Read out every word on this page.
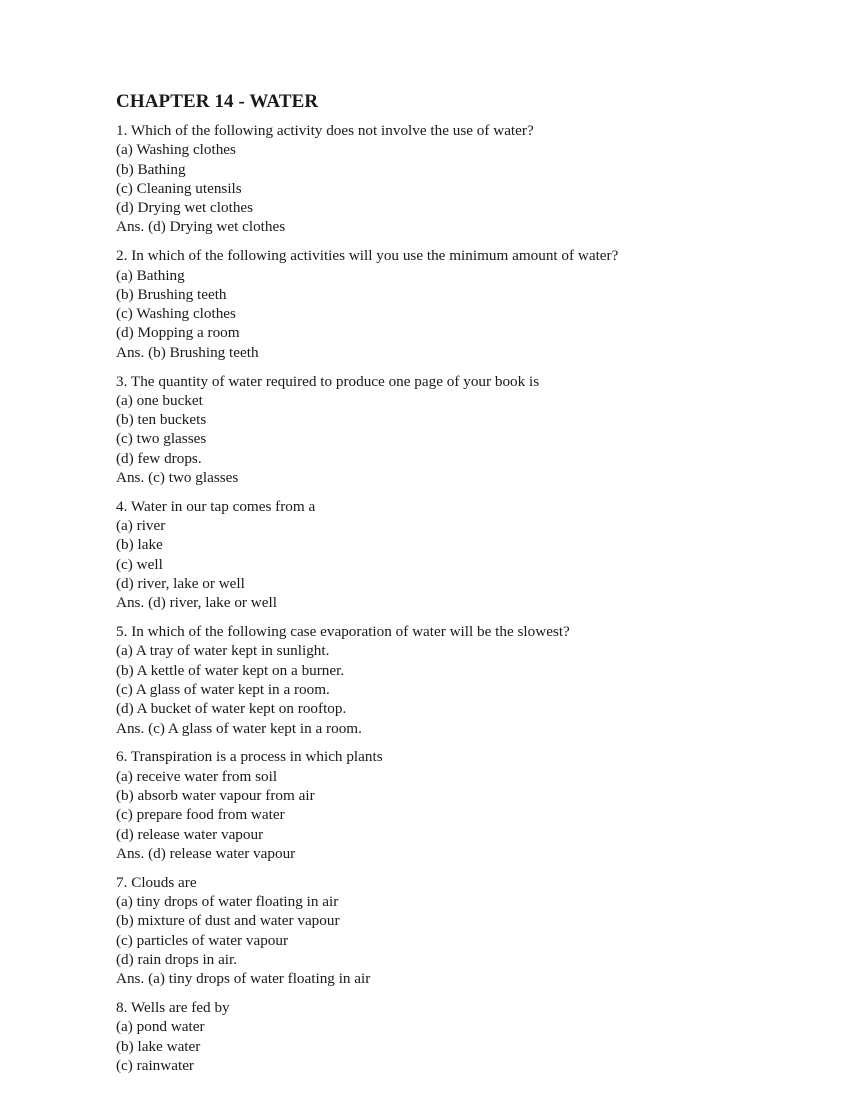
CHAPTER 14 - WATER
1. Which of the following activity does not involve the use of water?
(a) Washing clothes
(b) Bathing
(c) Cleaning utensils
(d) Drying wet clothes
Ans. (d) Drying wet clothes
2. In which of the following activities will you use the minimum amount of water?
(a) Bathing
(b) Brushing teeth
(c) Washing clothes
(d) Mopping a room
Ans. (b) Brushing teeth
3. The quantity of water required to produce one page of your book is
(a) one bucket
(b) ten buckets
(c) two glasses
(d) few drops.
Ans. (c) two glasses
4. Water in our tap comes from a
(a) river
(b) lake
(c) well
(d) river, lake or well
Ans. (d) river, lake or well
5. In which of the following case evaporation of water will be the slowest?
(a) A tray of water kept in sunlight.
(b) A kettle of water kept on a burner.
(c) A glass of water kept in a room.
(d) A bucket of water kept on rooftop.
Ans. (c) A glass of water kept in a room.
6. Transpiration is a process in which plants
(a) receive water from soil
(b) absorb water vapour from air
(c) prepare food from water
(d) release water vapour
Ans. (d) release water vapour
7. Clouds are
(a) tiny drops of water floating in air
(b) mixture of dust and water vapour
(c) particles of water vapour
(d) rain drops in air.
Ans. (a) tiny drops of water floating in air
8. Wells are fed by
(a) pond water
(b) lake water
(c) rainwater
